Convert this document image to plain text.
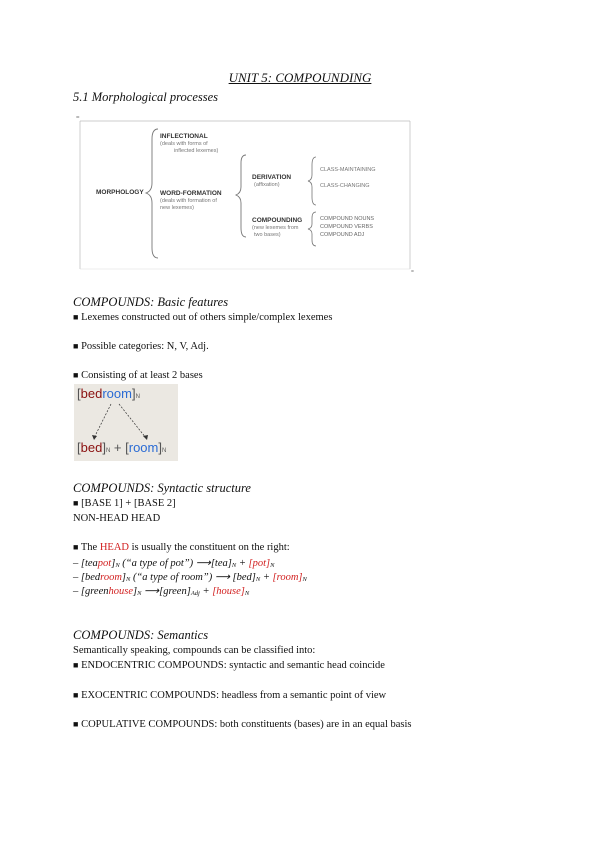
UNIT 5: COMPOUNDING
5.1 Morphological processes
=
=
MORPHOLOGY
INFLECTIONAL
(deals with forms of
inflected lexemes)
WORD-FORMATION
(deals with formation of
new lexemes)
DERIVATION
(affixation)
CLASS-MAINTAINING
CLASS-CHANGING
COMPOUNDING
(new lexemes from
two bases)
COMPOUND NOUNS
COMPOUND VERBS
COMPOUND ADJ
COMPOUNDS: Basic features
■ Lexemes constructed out of others simple/complex lexemes
■ Possible categories: N, V, Adj.
■ Consisting of at least 2 bases
[bedroom]N
[bed]N + [room]N
COMPOUNDS: Syntactic structure
■ [BASE 1] + [BASE 2]
NON-HEAD HEAD
■ The HEAD is usually the constituent on the right:
– [teapot]N (“a type of pot”) ⟶[tea]N + [pot]N
– [bedroom]N (“a type of room”) ⟶ [bed]N + [room]N
– [greenhouse]N ⟶[green]Adj + [house]N
COMPOUNDS: Semantics
Semantically speaking, compounds can be classified into:
■ ENDOCENTRIC COMPOUNDS: syntactic and semantic head coincide
■ EXOCENTRIC COMPOUNDS: headless from a semantic point of view
■ COPULATIVE COMPOUNDS: both constituents (bases) are in an equal basis
